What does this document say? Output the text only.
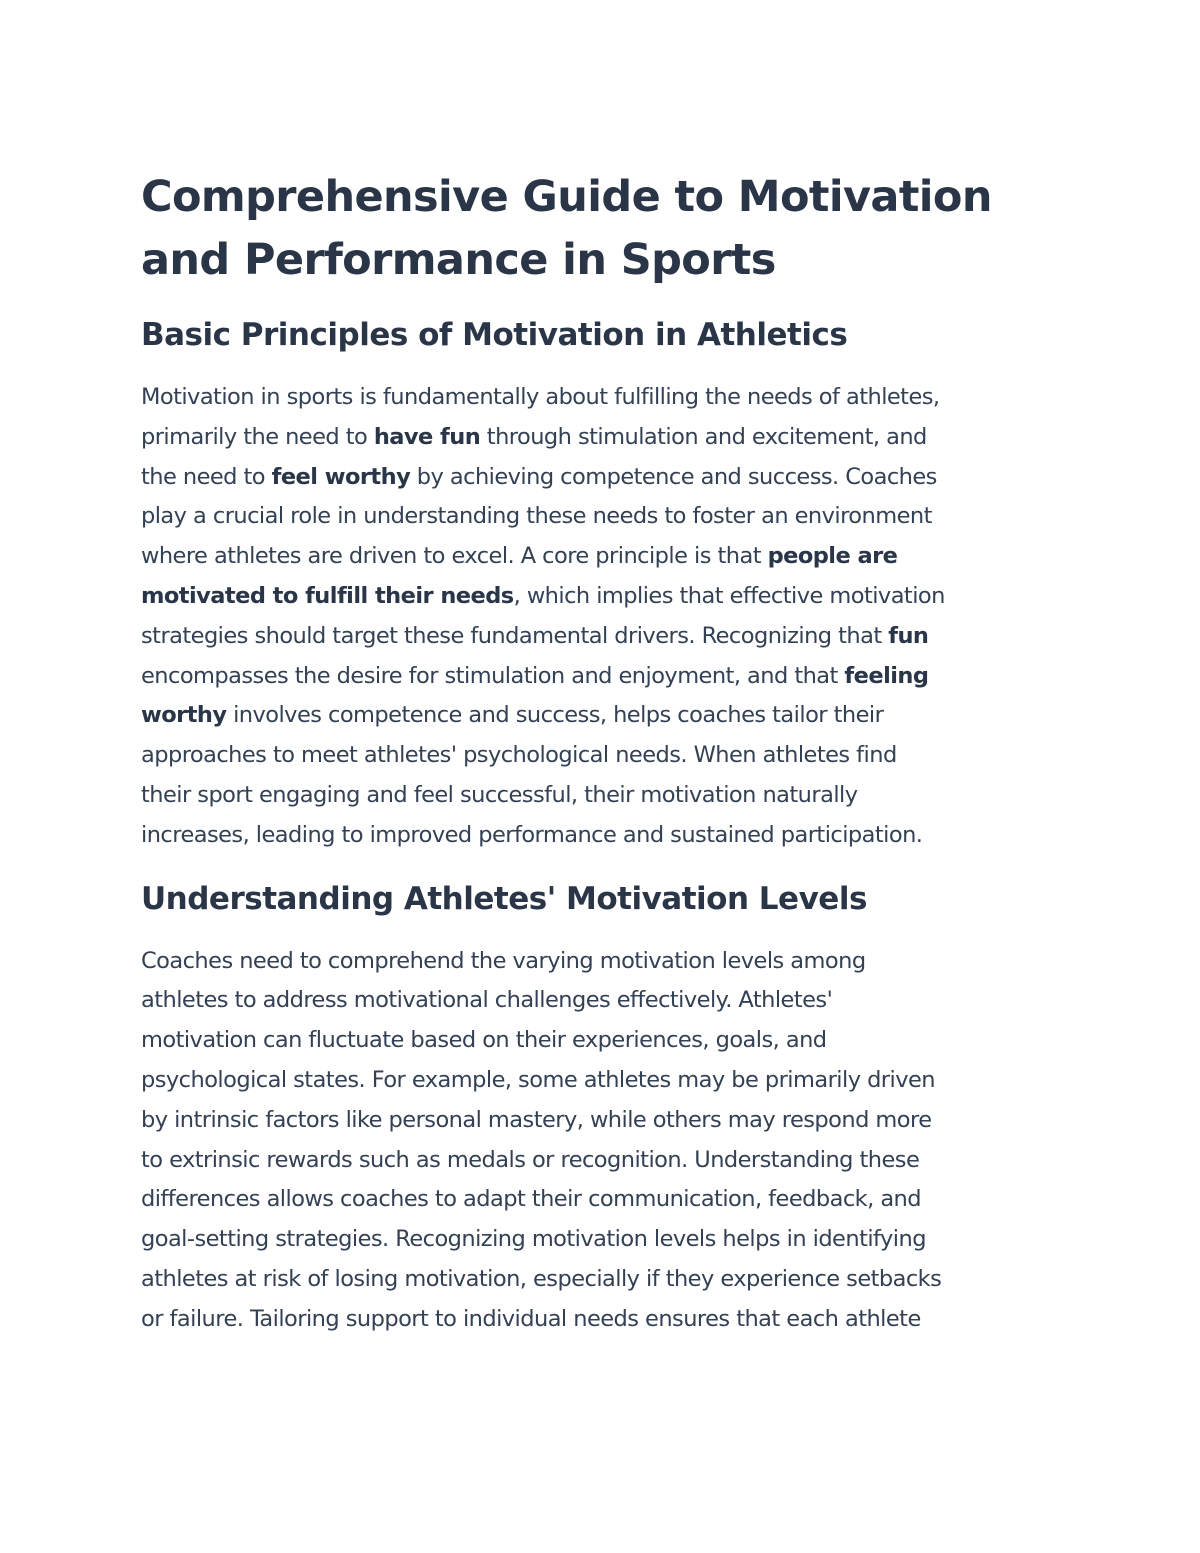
Comprehensive Guide to Motivation
and Performance in Sports
Basic Principles of Motivation in Athletics

Motivation in sports is fundamentally about fulfilling the needs of athletes,
primarily the need to have fun through stimulation and excitement, and
the need to feel worthy by achieving competence and success. Coaches
play a crucial role in understanding these needs to foster an environment
where athletes are driven to excel. A core principle is that people are
motivated to fulfill their needs, which implies that effective motivation
strategies should target these fundamental drivers. Recognizing that fun
encompasses the desire for stimulation and enjoyment, and that feeling
worthy involves competence and success, helps coaches tailor their
approaches to meet athletes' psychological needs. When athletes find
their sport engaging and feel successful, their motivation naturally
increases, leading to improved performance and sustained participation.

Understanding Athletes' Motivation Levels

Coaches need to comprehend the varying motivation levels among
athletes to address motivational challenges effectively. Athletes'
motivation can fluctuate based on their experiences, goals, and
psychological states. For example, some athletes may be primarily driven
by intrinsic factors like personal mastery, while others may respond more
to extrinsic rewards such as medals or recognition. Understanding these
differences allows coaches to adapt their communication, feedback, and
goal-setting strategies. Recognizing motivation levels helps in identifying
athletes at risk of losing motivation, especially if they experience setbacks
or failure. Tailoring support to individual needs ensures that each athlete
